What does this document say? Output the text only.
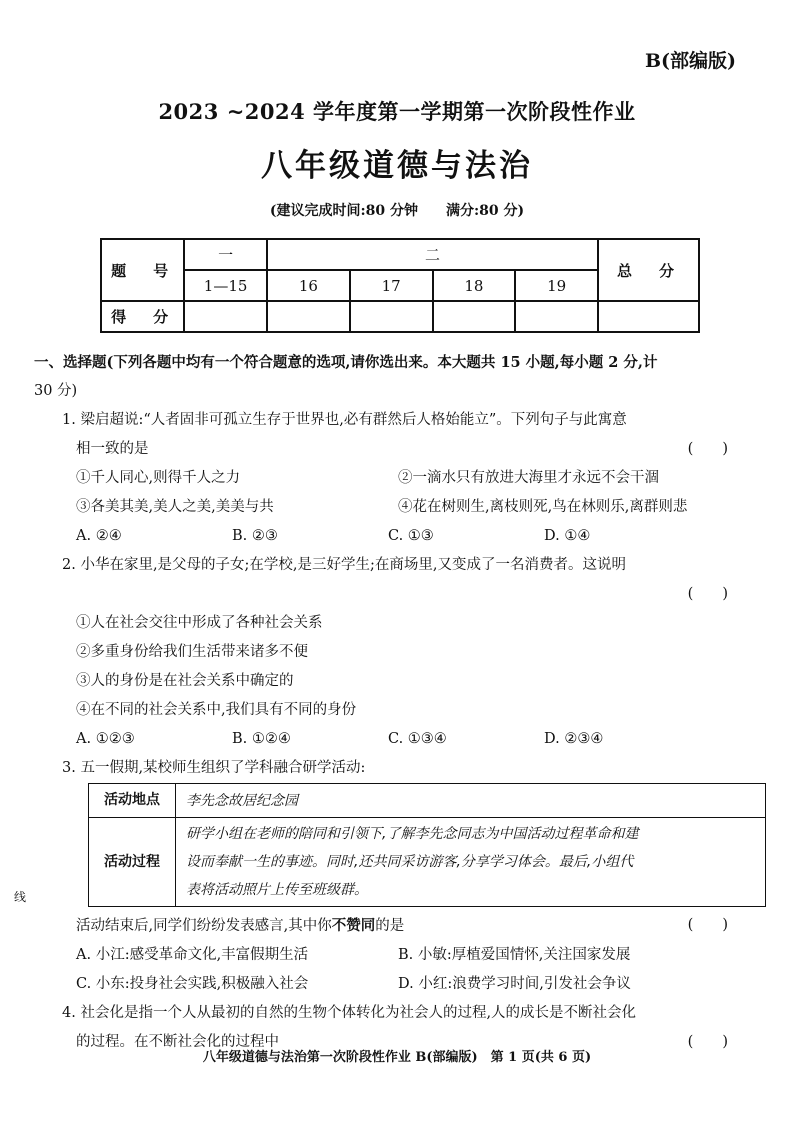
B(部编版)
2023 ~2024 学年度第一学期第一次阶段性作业
八年级道德与法治
(建议完成时间:80 分钟 满分:80 分)
题　号	一	二				总　分
	1—15	16	17	18	19	
得　分						
一、选择题(下列各题中均有一个符合题意的选项,请你选出来。本大题共 15 小题,每小题 2 分,计
30 分)
1. 梁启超说:“人者固非可孤立生存于世界也,必有群然后人格始能立”。下列句子与此寓意
相一致的是	(　　)
①千人同心,则得千人之力	②一滴水只有放进大海里才永远不会干涸
③各美其美,美人之美,美美与共	④花在树则生,离枝则死,鸟在林则乐,离群则悲
A. ②④	B. ②③	C. ①③	D. ①④
2. 小华在家里,是父母的子女;在学校,是三好学生;在商场里,又变成了一名消费者。这说明
(　　)
①人在社会交往中形成了各种社会关系
②多重身份给我们生活带来诸多不便
③人的身份是在社会关系中确定的
④在不同的社会关系中,我们具有不同的身份
A. ①②③	B. ①②④	C. ①③④	D. ②③④
3. 五一假期,某校师生组织了学科融合研学活动:
活动地点	李先念故居纪念园
活动过程	研学小组在老师的陪同和引领下,了解李先念同志为中国活动过程革命和建
设而奉献一生的事迹。同时,还共同采访游客,分享学习体会。最后,小组代
表将活动照片上传至班级群。
活动结束后,同学们纷纷发表感言,其中你不赞同的是	(　　)
A. 小江:感受革命文化,丰富假期生活	B. 小敏:厚植爱国情怀,关注国家发展
C. 小东:投身社会实践,积极融入社会	D. 小红:浪费学习时间,引发社会争议
4. 社会化是指一个人从最初的自然的生物个体转化为社会人的过程,人的成长是不断社会化
的过程。在不断社会化的过程中	(　　)
线
八年级道德与法治第一次阶段性作业 B(部编版)　第 1 页(共 6 页)
